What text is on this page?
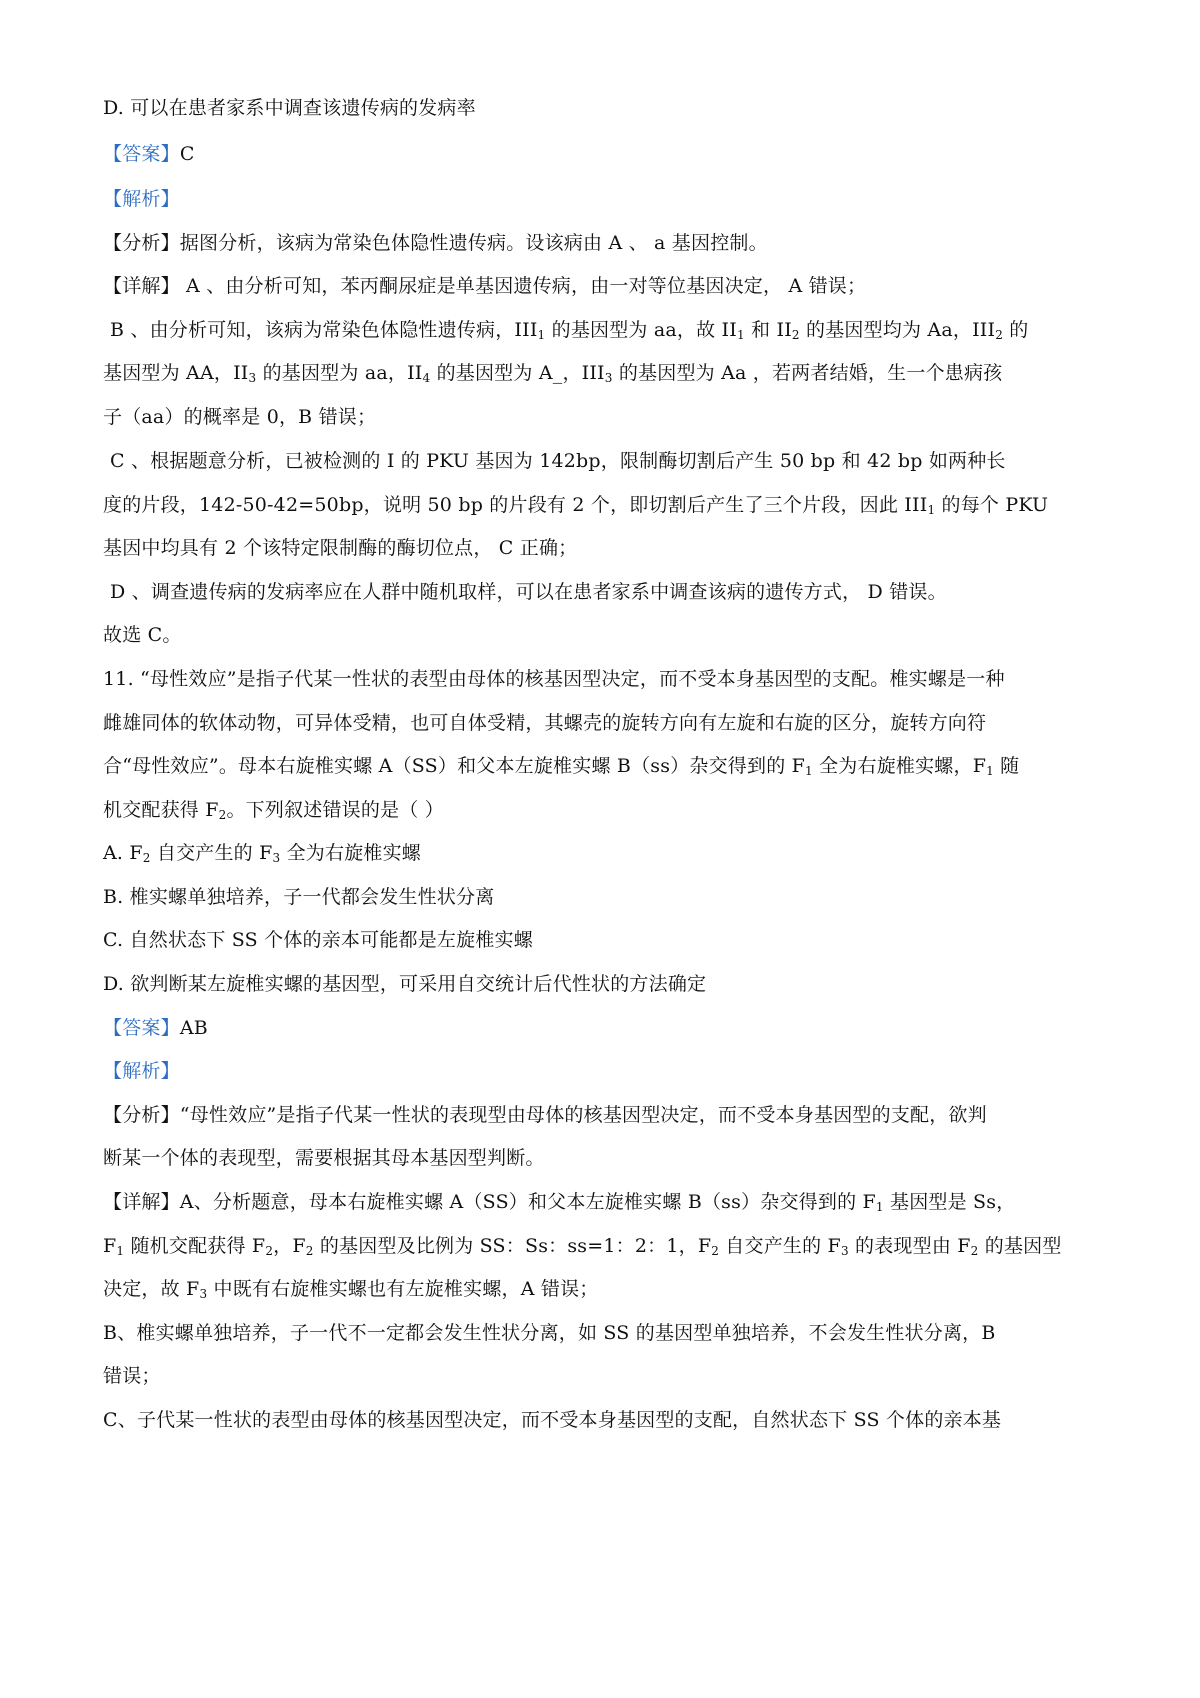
D. 可以在患者家系中调查该遗传病的发病率
【答案】C
【解析】
【分析】据图分析，该病为常染色体隐性遗传病。设该病由 A 、 a 基因控制。
【详解】 A 、由分析可知，苯丙酮尿症是单基因遗传病，由一对等位基因决定， A 错误；
B 、由分析可知，该病为常染色体隐性遗传病，$III_1$ 的基因型为 aa，故 $II_1$ 和 $II_2$ 的基因型均为 Aa，$III_2$ 的
基因型为 AA，$II_3$ 的基因型为 aa，$II_4$ 的基因型为 A_，$III_3$ 的基因型为 Aa ，若两者结婚，生一个患病孩
子（aa）的概率是 0，B 错误；
C 、根据题意分析，已被检测的 I 的 PKU 基因为 142bp，限制酶切割后产生 50 bp 和 42 bp 如两种长
度的片段，142-50-42=50bp，说明 50 bp 的片段有 2 个，即切割后产生了三个片段，因此 $III_1$ 的每个 PKU
基因中均具有 2 个该特定限制酶的酶切位点， C 正确；
D 、调查遗传病的发病率应在人群中随机取样，可以在患者家系中调查该病的遗传方式， D 错误。
故选 C。
11. “母性效应”是指子代某一性状的表型由母体的核基因型决定，而不受本身基因型的支配。椎实螺是一种
雌雄同体的软体动物，可异体受精，也可自体受精，其螺壳的旋转方向有左旋和右旋的区分，旋转方向符
合“母性效应”。母本右旋椎实螺 A（SS）和父本左旋椎实螺 B（ss）杂交得到的 $F_1$ 全为右旋椎实螺，$F_1$ 随
机交配获得 $F_2$。下列叙述错误的是（ ）
A. $F_2$ 自交产生的 $F_3$ 全为右旋椎实螺
B. 椎实螺单独培养，子一代都会发生性状分离
C. 自然状态下 SS 个体的亲本可能都是左旋椎实螺
D. 欲判断某左旋椎实螺的基因型，可采用自交统计后代性状的方法确定
【答案】AB
【解析】
【分析】“母性效应”是指子代某一性状的表现型由母体的核基因型决定，而不受本身基因型的支配，欲判
断某一个体的表现型，需要根据其母本基因型判断。
【详解】A、分析题意，母本右旋椎实螺 A（SS）和父本左旋椎实螺 B（ss）杂交得到的 $F_1$ 基因型是 Ss，
$F_1$ 随机交配获得 $F_2$，$F_2$ 的基因型及比例为 SS：Ss：ss=1：2：1，$F_2$ 自交产生的 $F_3$ 的表现型由 $F_2$ 的基因型
决定，故 $F_3$ 中既有右旋椎实螺也有左旋椎实螺，A 错误；
B、椎实螺单独培养，子一代不一定都会发生性状分离，如 SS 的基因型单独培养，不会发生性状分离，B
错误；
C、子代某一性状的表型由母体的核基因型决定，而不受本身基因型的支配，自然状态下 SS 个体的亲本基
